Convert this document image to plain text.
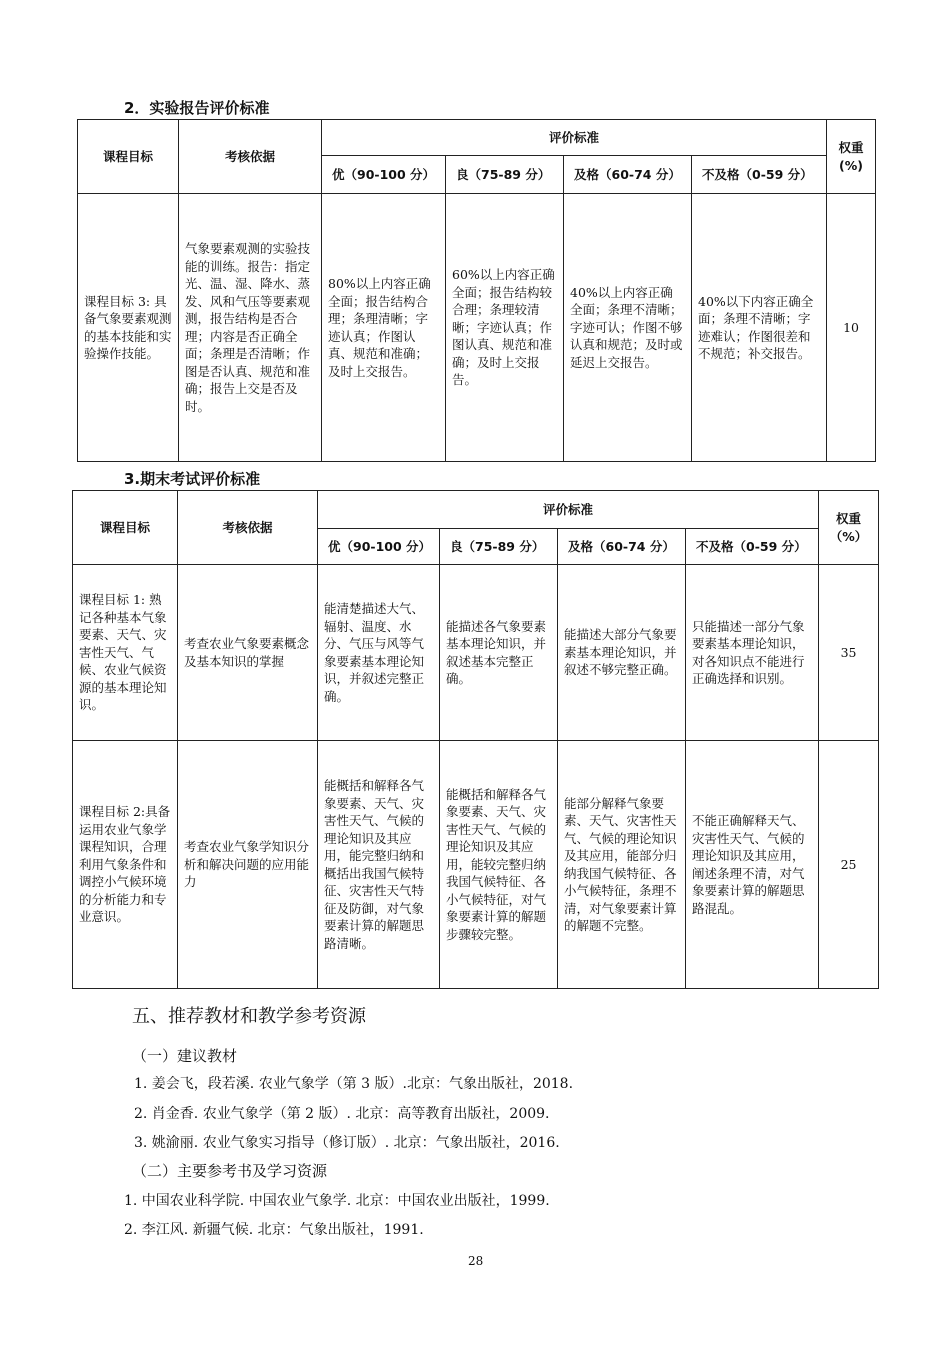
2．实验报告评价标准
课程目标	考核依据	评价标准				权重
(%)

		优（90-100 分）	良（75-89 分）	及格（60-74 分）	不及格（0-59 分）	
课程目标 3: 具备气象要素观测的基本技能和实验操作技能。	气象要素观测的实验技能的训练。报告：指定光、温、湿、降水、蒸发、风和气压等要素观测，报告结构是否合理；内容是否正确全面；条理是否清晰；作图是否认真、规范和准确；报告上交是否及时。	80%以上内容正确全面；报告结构合理；条理清晰；字迹认真；作图认真、规范和准确；及时上交报告。	60%以上内容正确全面；报告结构较合理；条理较清晰；字迹认真；作图认真、规范和准确；及时上交报告。	40%以上内容正确全面；条理不清晰；字迹可认；作图不够认真和规范；及时或延迟上交报告。	40%以下内容正确全面；条理不清晰；字迹难认；作图很差和不规范；补交报告。	10
3.期末考试评价标准
课程目标	考核依据	评价标准				权重
（%）

		优（90-100 分）	良（75-89 分）	及格（60-74 分）	不及格（0-59 分）	
课程目标 1: 熟记各种基本气象要素、天气、灾害性天气、气候、农业气候资源的基本理论知识。	考查农业气象要素概念及基本知识的掌握	能清楚描述大气、辐射、温度、水分、气压与风等气象要素基本理论知识，并叙述完整正确。	能描述各气象要素基本理论知识，并叙述基本完整正确。	能描述大部分气象要素基本理论知识，并叙述不够完整正确。	只能描述一部分气象要素基本理论知识，对各知识点不能进行正确选择和识别。	35
课程目标 2:具备运用农业气象学课程知识，合理利用气象条件和调控小气候环境的分析能力和专业意识。	考查农业气象学知识分析和解决问题的应用能力	能概括和解释各气象要素、天气、灾害性天气、气候的理论知识及其应用，能完整归纳和概括出我国气候特征、灾害性天气特征及防御，对气象要素计算的解题思路清晰。	能概括和解释各气象要素、天气、灾害性天气、气候的理论知识及其应用，能较完整归纳我国气候特征、各小气候特征，对气象要素计算的解题步骤较完整。	能部分解释气象要素、天气、灾害性天气、气候的理论知识及其应用，能部分归纳我国气候特征、各小气候特征，条理不清，对气象要素计算的解题不完整。	不能正确解释天气、灾害性天气、气候的理论知识及其应用，阐述条理不清，对气象要素计算的解题思路混乱。	25
五、推荐教材和教学参考资源
（一）建议教材
1. 姜会飞，段若溪. 农业气象学（第 3 版）.北京：气象出版社，2018.
2. 肖金香. 农业气象学（第 2 版）. 北京：高等教育出版社，2009.
3. 姚渝丽. 农业气象实习指导（修订版）. 北京：气象出版社，2016.
（二）主要参考书及学习资源
1. 中国农业科学院. 中国农业气象学. 北京：中国农业出版社，1999.
2. 李江风. 新疆气候. 北京：气象出版社，1991.
28
